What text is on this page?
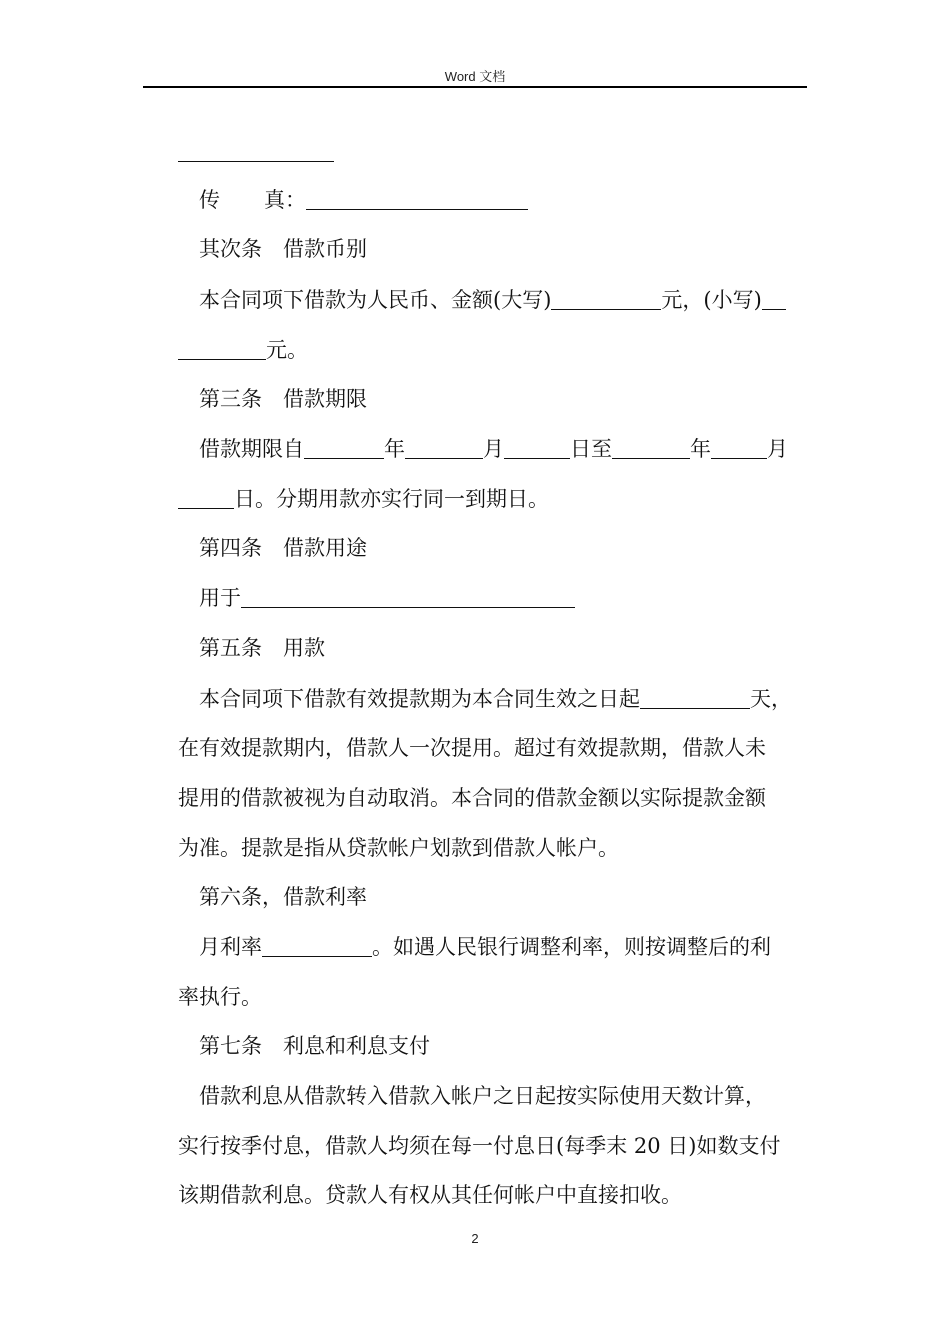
Word 文档
传 真：
其次条　借款币别
本合同项下借款为人民币、金额(大写)	元，(小写)
元。
第三条　借款期限
借款期限自	年	月	日至	年	月
日。分期用款亦实行同一到期日。
第四条　借款用途
用于
第五条　用款
本合同项下借款有效提款期为本合同生效之日起	天，
在有效提款期内，借款人一次提用。超过有效提款期，借款人未
提用的借款被视为自动取消。本合同的借款金额以实际提款金额
为准。提款是指从贷款帐户划款到借款人帐户。
第六条，借款利率
月利率	。如遇人民银行调整利率，则按调整后的利
率执行。
第七条　利息和利息支付
借款利息从借款转入借款入帐户之日起按实际使用天数计算，
实行按季付息，借款人均须在每一付息日(每季末 20 日)如数支付
该期借款利息。贷款人有权从其任何帐户中直接扣收。
2
